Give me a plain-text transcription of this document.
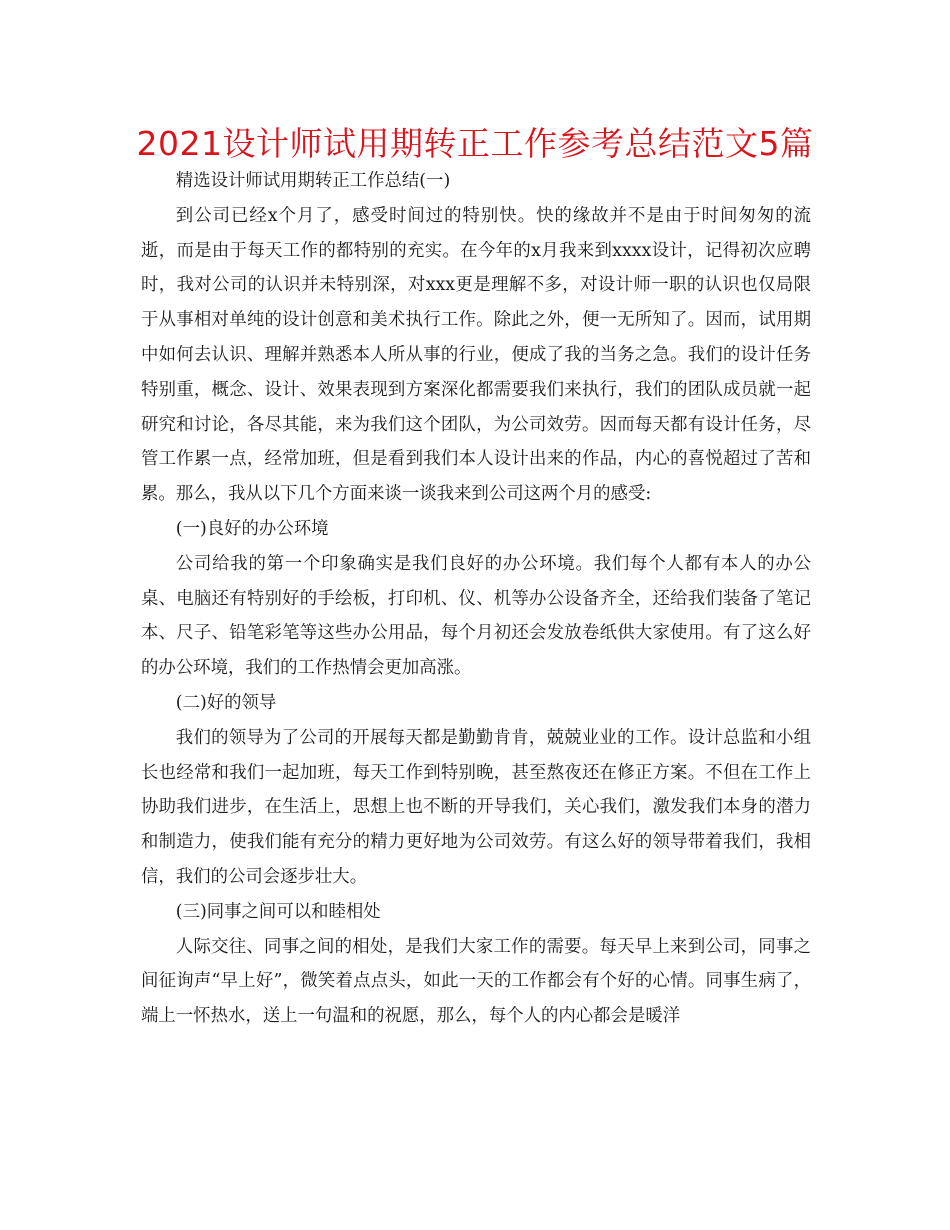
2021设计师试用期转正工作参考总结范文5篇

精选设计师试用期转正工作总结(一)

到公司已经x个月了，感受时间过的特别快。快的缘故并不是由于时间匆匆的流逝，而是由于每天工作的都特别的充实。在今年的x月我来到xxxx设计，记得初次应聘时，我对公司的认识并未特别深，对xxx更是理解不多，对设计师一职的认识也仅局限于从事相对单纯的设计创意和美术执行工作。除此之外，便一无所知了。因而，试用期中如何去认识、理解并熟悉本人所从事的行业，便成了我的当务之急。我们的设计任务特别重，概念、设计、效果表现到方案深化都需要我们来执行，我们的团队成员就一起研究和讨论，各尽其能，来为我们这个团队，为公司效劳。因而每天都有设计任务，尽管工作累一点，经常加班，但是看到我们本人设计出来的作品，内心的喜悦超过了苦和累。那么，我从以下几个方面来谈一谈我来到公司这两个月的感受:

(一)良好的办公环境

公司给我的第一个印象确实是我们良好的办公环境。我们每个人都有本人的办公桌、电脑还有特别好的手绘板，打印机、仪、机等办公设备齐全，还给我们装备了笔记本、尺子、铅笔彩笔等这些办公用品，每个月初还会发放卷纸供大家使用。有了这么好的办公环境，我们的工作热情会更加高涨。

(二)好的领导

我们的领导为了公司的开展每天都是勤勤肯肯，兢兢业业的工作。设计总监和小组长也经常和我们一起加班，每天工作到特别晚，甚至熬夜还在修正方案。不但在工作上协助我们进步，在生活上，思想上也不断的开导我们，关心我们，激发我们本身的潜力和制造力，使我们能有充分的精力更好地为公司效劳。有这么好的领导带着我们，我相信，我们的公司会逐步壮大。

(三)同事之间可以和睦相处

人际交往、同事之间的相处，是我们大家工作的需要。每天早上来到公司，同事之间征询声“早上好”，微笑着点点头，如此一天的工作都会有个好的心情。同事生病了，端上一怀热水，送上一句温和的祝愿，那么，每个人的内心都会是暖洋
